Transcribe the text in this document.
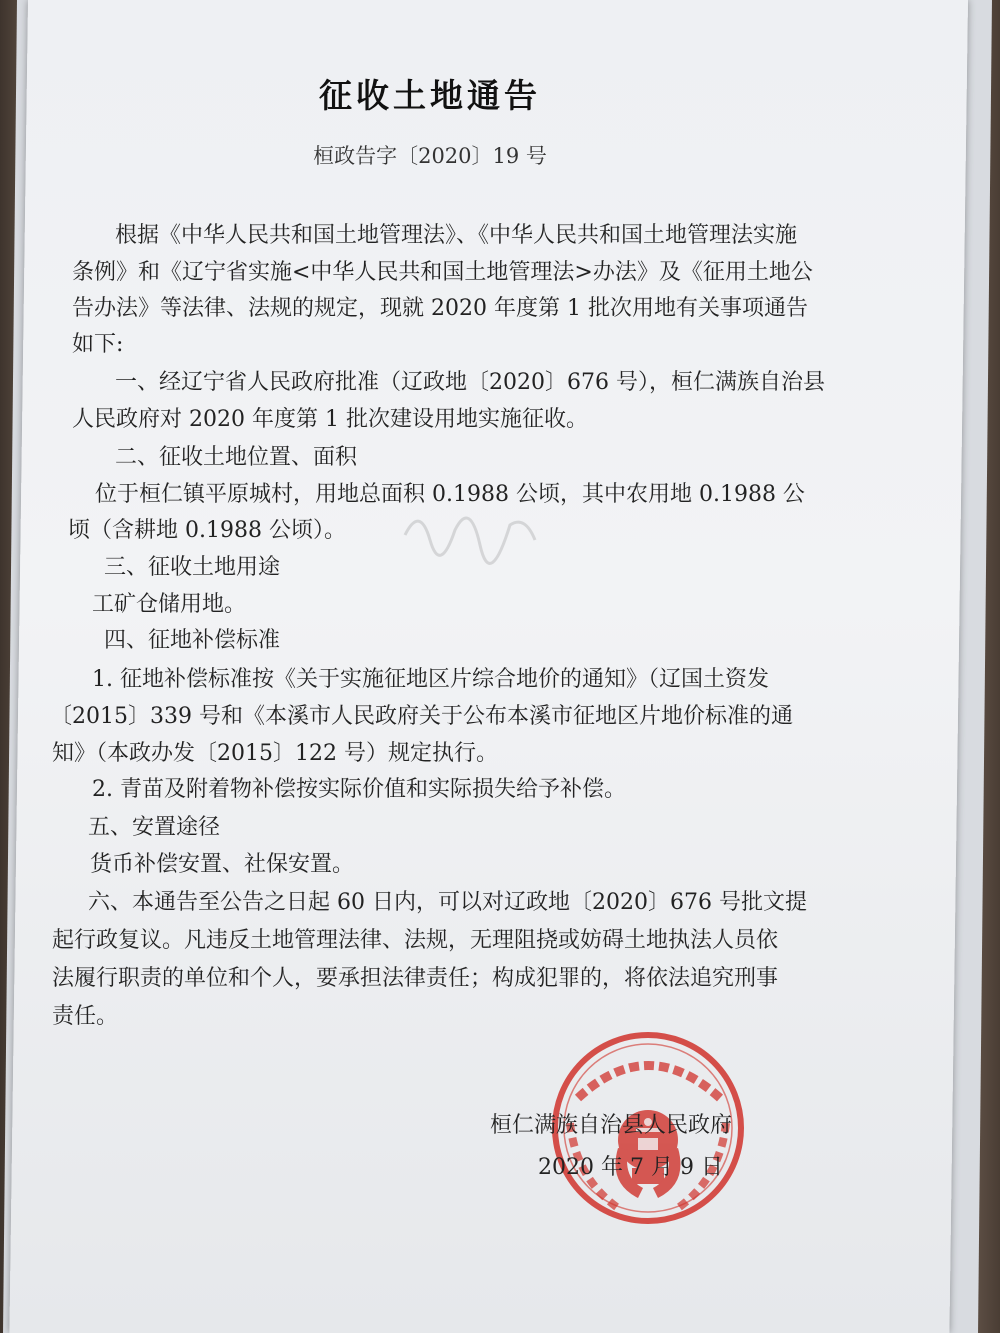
征收土地通告
桓政告字〔2020〕19 号
根据《中华人民共和国土地管理法》、《中华人民共和国土地管理法实施
条例》和《辽宁省实施<中华人民共和国土地管理法>办法》及《征用土地公
告办法》等法律、法规的规定，现就 2020 年度第 1 批次用地有关事项通告
如下:
一、经辽宁省人民政府批准（辽政地〔2020〕676 号），桓仁满族自治县
人民政府对 2020 年度第 1 批次建设用地实施征收。
二、征收土地位置、面积
位于桓仁镇平原城村，用地总面积 0.1988 公顷，其中农用地 0.1988 公
顷（含耕地 0.1988 公顷）。
三、征收土地用途
工矿仓储用地。
四、征地补偿标准
1. 征地补偿标准按《关于实施征地区片综合地价的通知》（辽国土资发
〔2015〕339 号和《本溪市人民政府关于公布本溪市征地区片地价标准的通
知》（本政办发〔2015〕122 号）规定执行。
2. 青苗及附着物补偿按实际价值和实际损失给予补偿。
五、安置途径
货币补偿安置、社保安置。
六、本通告至公告之日起 60 日内，可以对辽政地〔2020〕676 号批文提
起行政复议。凡违反土地管理法律、法规，无理阻挠或妨碍土地执法人员依
法履行职责的单位和个人，要承担法律责任；构成犯罪的，将依法追究刑事
责任。
桓仁满族自治县人民政府
2020 年 7 月 9 日
